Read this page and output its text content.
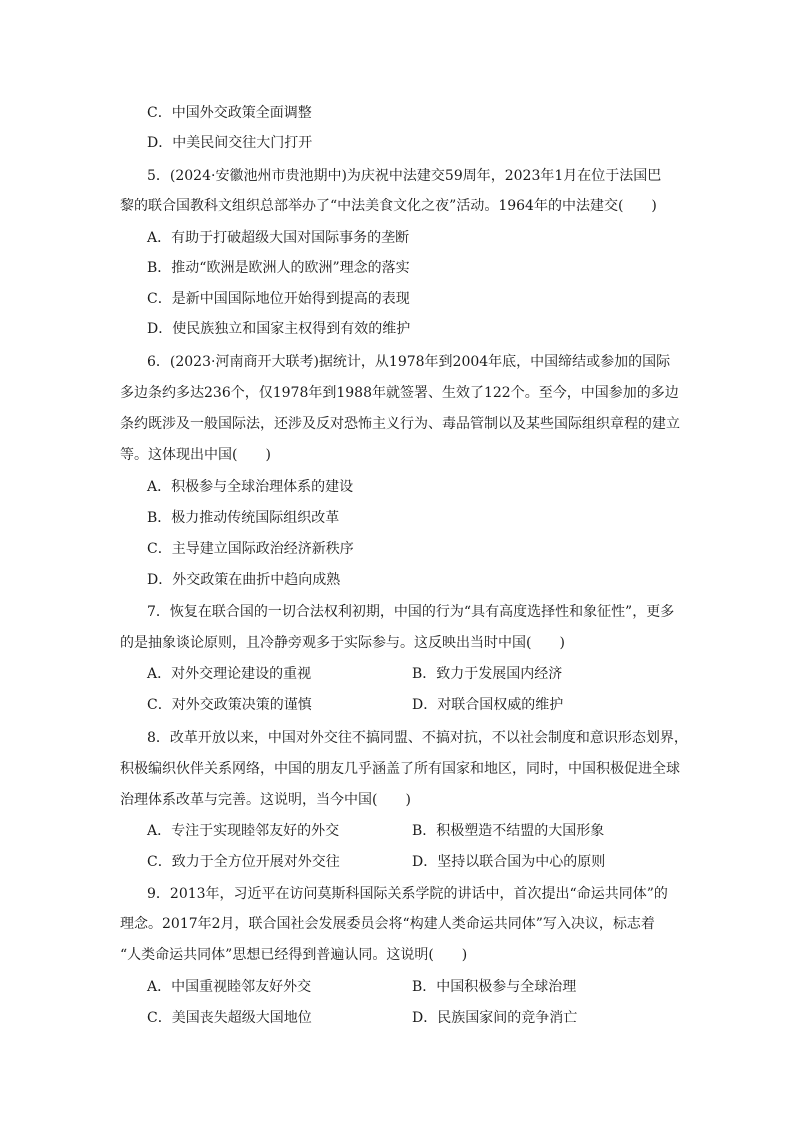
C．中国外交政策全面调整
D．中美民间交往大门打开
5．(2024·安徽池州市贵池期中)为庆祝中法建交59周年，2023年1月在位于法国巴
黎的联合国教科文组织总部举办了“中法美食文化之夜”活动。1964年的中法建交(　　)
A．有助于打破超级大国对国际事务的垄断
B．推动“欧洲是欧洲人的欧洲”理念的落实
C．是新中国国际地位开始得到提高的表现
D．使民族独立和国家主权得到有效的维护
6．(2023·河南商开大联考)据统计，从1978年到2004年底，中国缔结或参加的国际
多边条约多达236个，仅1978年到1988年就签署、生效了122个。至今，中国参加的多边
条约既涉及一般国际法，还涉及反对恐怖主义行为、毒品管制以及某些国际组织章程的建立
等。这体现出中国(　　)
A．积极参与全球治理体系的建设
B．极力推动传统国际组织改革
C．主导建立国际政治经济新秩序
D．外交政策在曲折中趋向成熟
7．恢复在联合国的一切合法权利初期，中国的行为“具有高度选择性和象征性”，更多
的是抽象谈论原则，且冷静旁观多于实际参与。这反映出当时中国(　　)
A．对外交理论建设的重视	B．致力于发展国内经济
C．对外交政策决策的谨慎	D．对联合国权威的维护
8．改革开放以来，中国对外交往不搞同盟、不搞对抗，不以社会制度和意识形态划界，
积极编织伙伴关系网络，中国的朋友几乎涵盖了所有国家和地区，同时，中国积极促进全球
治理体系改革与完善。这说明，当今中国(　　)
A．专注于实现睦邻友好的外交	B．积极塑造不结盟的大国形象
C．致力于全方位开展对外交往	D．坚持以联合国为中心的原则
9．2013年，习近平在访问莫斯科国际关系学院的讲话中，首次提出“命运共同体”的
理念。2017年2月，联合国社会发展委员会将“构建人类命运共同体”写入决议，标志着
“人类命运共同体”思想已经得到普遍认同。这说明(　　)
A．中国重视睦邻友好外交	B．中国积极参与全球治理
C．美国丧失超级大国地位	D．民族国家间的竞争消亡
